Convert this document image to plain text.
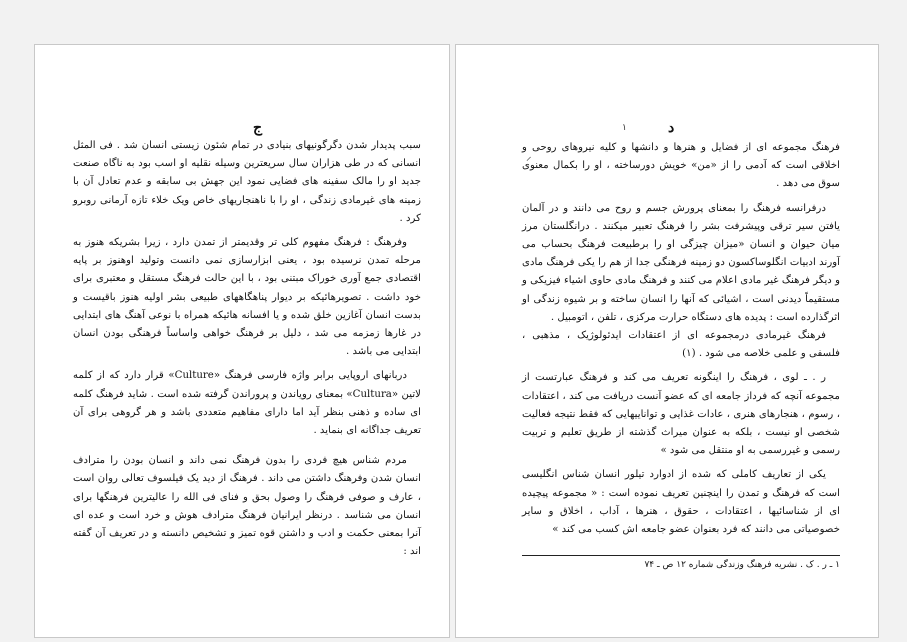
ج

سبب پدیدار شدن دگرگونیهای بنیادی در تمام شئون زیستی انسان شد . فی المثل انسانی که در طی هزاران سال سریعترین وسیله نقلیه او اسب بود به ناگاه صنعت جدید او را مالک سفینه های فضایی نمود این جهش بی سابقه و عدم تعادل آن با زمینه های غیرمادی زندگی ، او را با ناهنجاریهای خاص ویک خلاء تازه آرمانی روبرو کرد .

وفرهنگ : فرهنگ مفهوم کلی تر وقدیمتر از تمدن دارد ، زیرا بشریکه هنوز به مرحله تمدن نرسیده بود ، یعنی ابزارسازی نمی دانست وتولید اوهنوز بر پایه اقتصادی جمع آوری خوراک مبتنی بود ، با این حالت فرهنگ مستقل و معتبری برای خود داشت . تصویرهائیکه بر دیوار پناهگاههای طبیعی بشر اولیه هنوز باقیست و بدست انسان آغازین خلق شده و یا افسانه هائیکه همراه با نوعی آهنگ های ابتدایی در غارها زمزمه می شد ، دلیل بر فرهنگ خواهی واساساً فرهنگی بودن انسان ابتدایی می باشد .

دربانهای اروپایی برابر واژه فارسی فرهنگ «Culture» قرار دارد که از کلمه لاتین «Cultura» بمعنای رویاندن و پروراندن گرفته شده است . شاید فرهنگ کلمه ای ساده و ذهنی بنظر آید اما دارای مفاهیم متعددی باشد و هر گروهی برای آن تعریف جداگانه ای بنماید .

مردم شناس هیچ فردی را بدون فرهنگ نمی داند و انسان بودن را مترادف انسان شدن وفرهنگ داشتن می داند . فرهنگ از دید یک فیلسوف تعالی روان است ، عارف و صوفی فرهنگ را وصول بحق و فنای فی الله را عالیترین فرهنگها برای انسان می شناسد . درنظر ایرانیان فرهنگ مترادف هوش و خرد است و عده ای آنرا بمعنی حکمت و ادب و داشتن قوه تمیز و تشخیص دانسته و در تعریف آن گفته اند :

۱
⸝
د

فرهنگ مجموعه ای از فضایل و هنرها و دانشها و کلیه نیروهای روحی و اخلاقی است که آدمی را از «من» خویش دورساخته ، او را بکمال معنوی سوق می دهد .

درفرانسه فرهنگ را بمعنای پرورش جسم و روح می دانند و در آلمان یافتن سیر ترقی وپیشرفت بشر را فرهنگ تعبیر میکنند . درانگلستان مرز میان حیوان و انسان «میزان چیزگی او را برطبیعت فرهنگ بحساب می آورند ادبیات انگلوساکسون دو زمینه فرهنگی جدا از هم را یکی فرهنگ مادی و دیگر فرهنگ غیر مادی اعلام می کنند و فرهنگ مادی حاوی اشیاء فیزیکی و مستقیماً دیدنی است ، اشیائی که آنها را انسان ساخته و بر شیوه زندگی او اثرگذارده است : پدیده های دستگاه حرارت مرکزی ، تلفن ، اتومبیل .

فرهنگ غیرمادی درمجموعه ای از اعتقادات ایدئولوژیک ، مذهبی ، فلسفی و علمی خلاصه می شود . (۱)

ر . ـ لوی ، فرهنگ را اینگونه تعریف می کند و فرهنگ عبارتست از مجموعه آنچه که فرداز جامعه ای که عضو آنست دریافت می کند ، اعتقادات ، رسوم ، هنجارهای هنری ، عادات غذایی و تواناییهایی که فقط نتیجه فعالیت شخصی او نیست ، بلکه به عنوان میراث گذشته از طریق تعلیم و تربیت رسمی و غیررسمی به او منتقل می شود »

یکی از تعاریف کاملی که شده از ادوارد تیلور انسان شناس انگلیسی است که فرهنگ و تمدن را اینچنین تعریف نموده است : « مجموعه پیچیده ای از شناسائیها ، اعتقادات ، حقوق ، هنرها ، آداب ، اخلاق و سایر خصوصیاتی می دانند که فرد بعنوان عضو جامعه اش کسب می کند »

۱ ـ ر . ک . نشریه فرهنگ وزندگی شماره ۱۲ ص ـ ۷۴
